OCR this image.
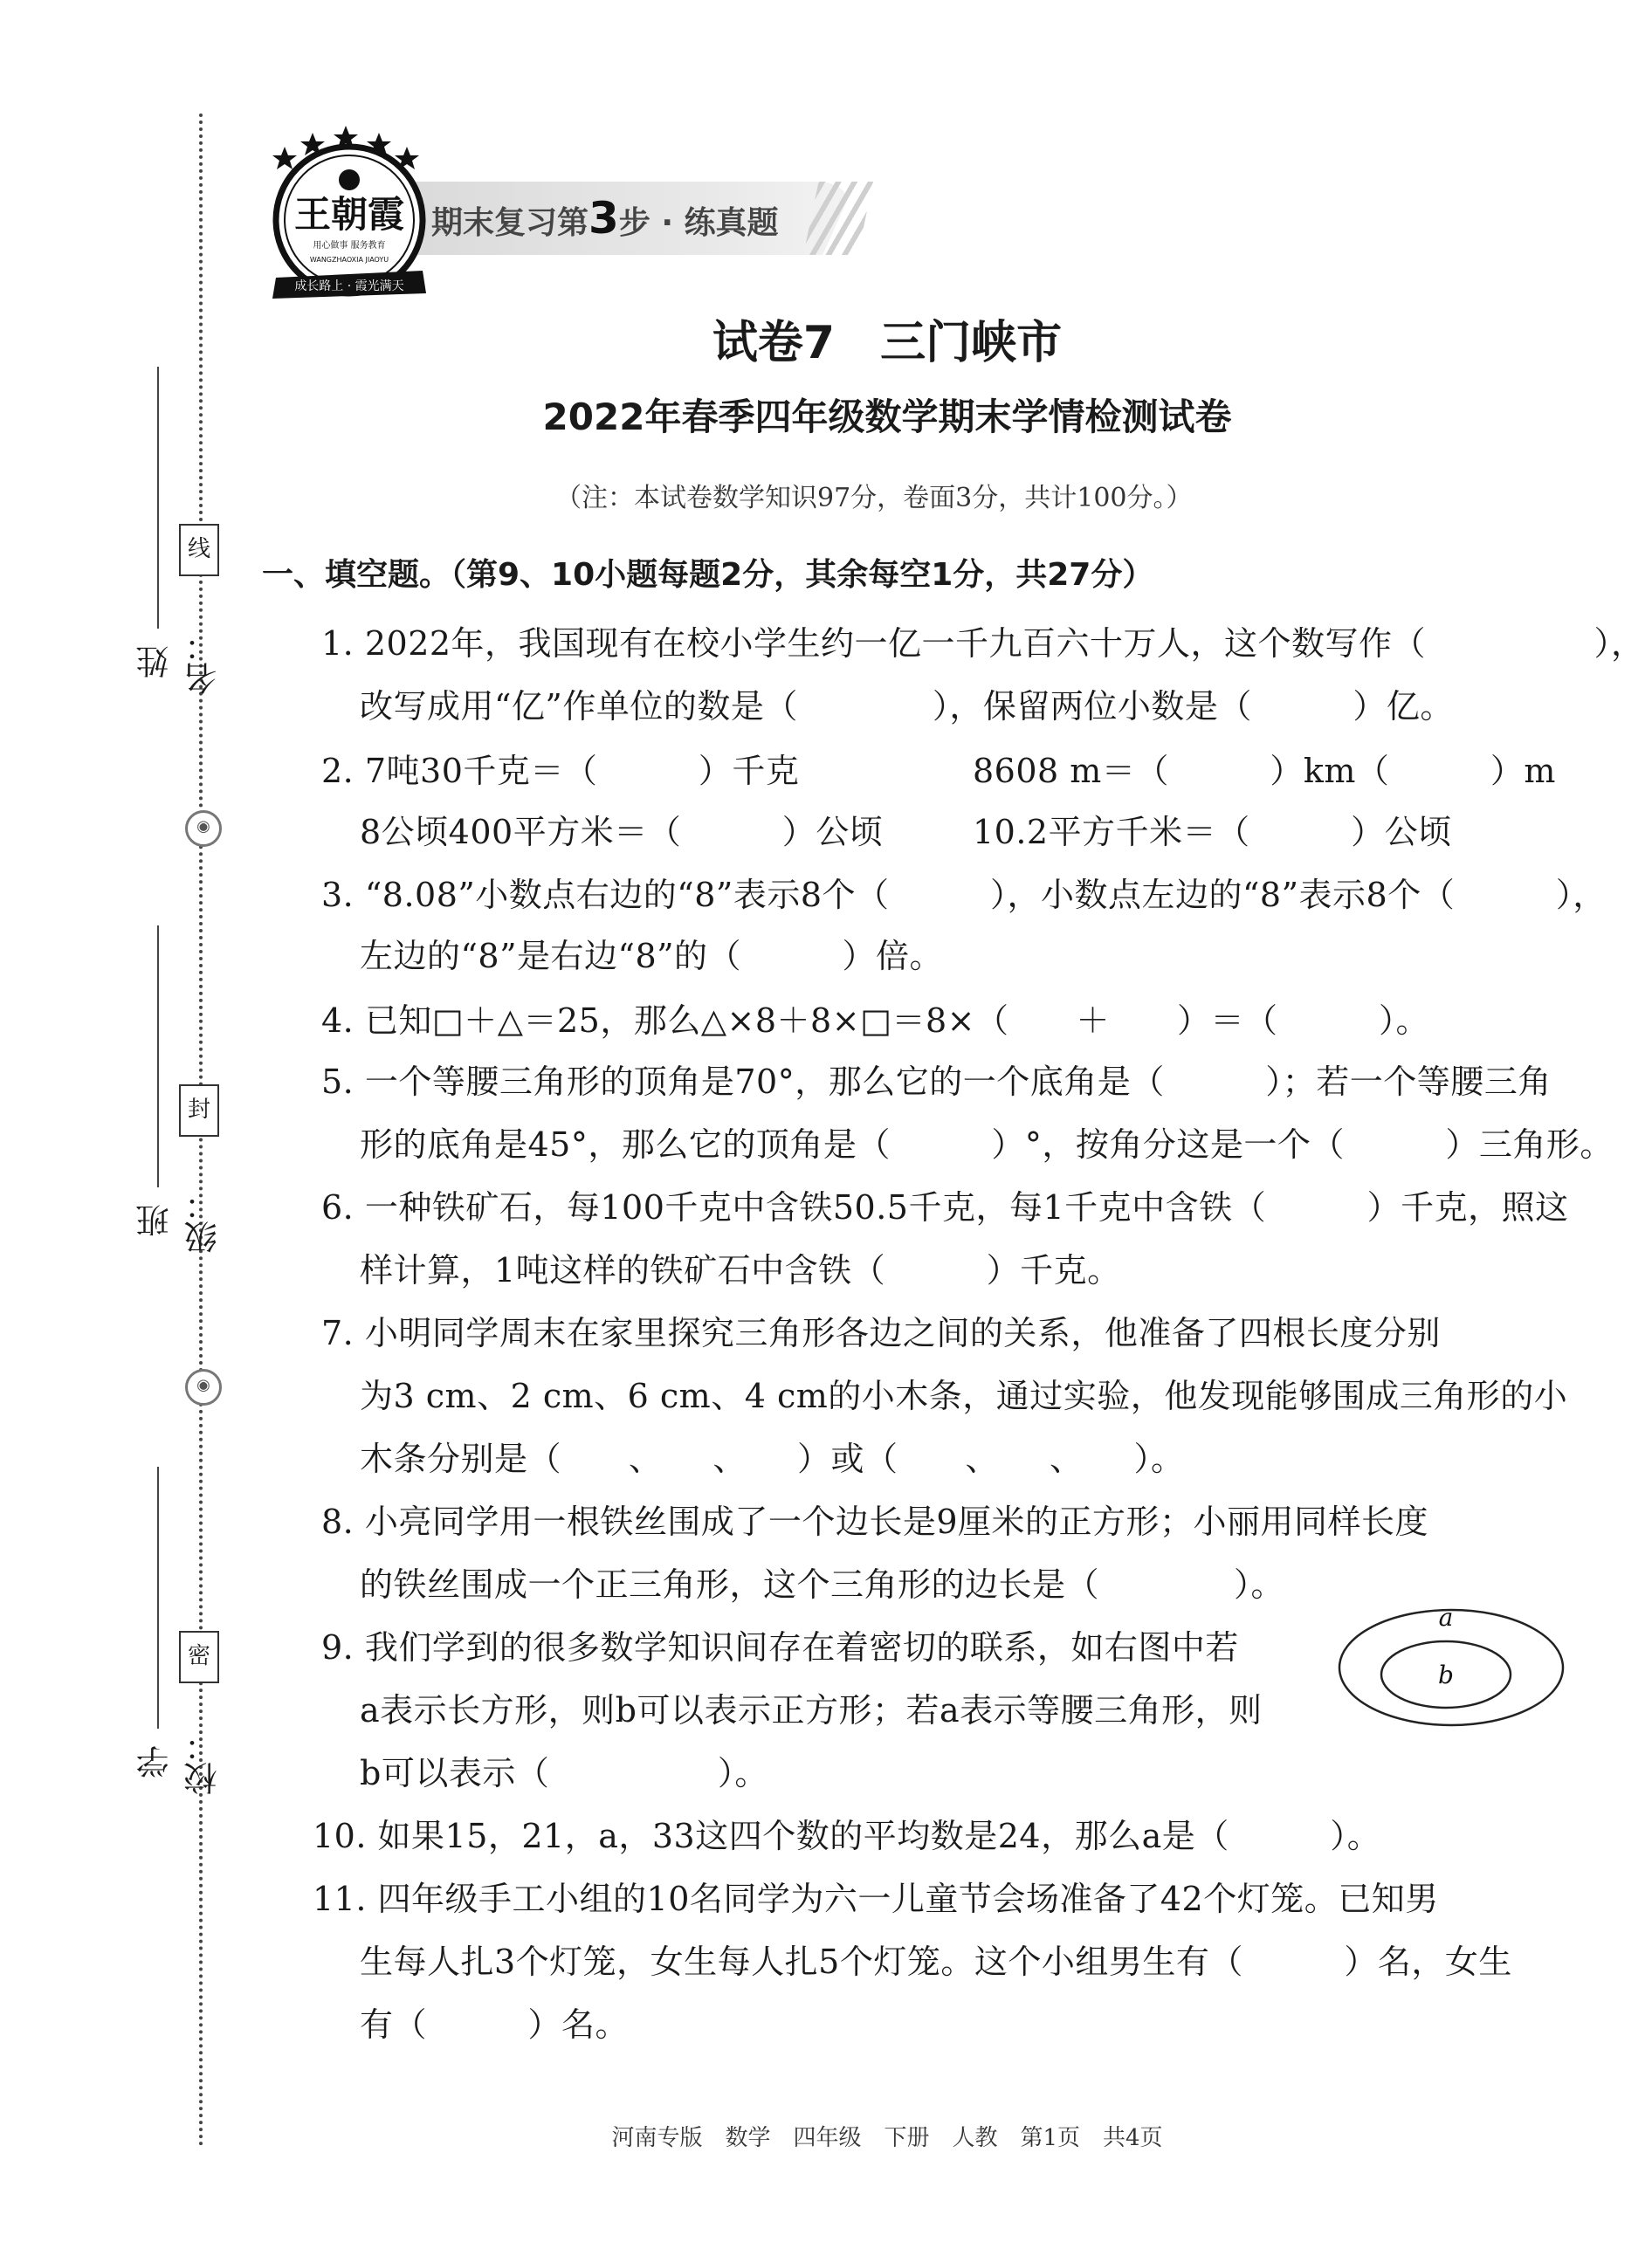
线
封
密
◉
◉
姓名：
班级：
学校：
期末复习第3步 · 练真题
王朝霞
用心做事 服务教育
WANGZHAOXIA JIAOYU
成长路上 · 霞光满天
试卷7　三门峡市
2022年春季四年级数学期末学情检测试卷
（注：本试卷数学知识97分，卷面3分，共计100分。）
一、填空题。（第9、10小题每题2分，其余每空1分，共27分）
1. 2022年，我国现有在校小学生约一亿一千九百六十万人，这个数写作（　　　　　），
改写成用“亿”作单位的数是（　　　　），保留两位小数是（　　　）亿。
2. 7吨30千克＝（　　　）千克	8608 m＝（　　　）km（　　　）m
8公顷400平方米＝（　　　）公顷	10.2平方千米＝（　　　）公顷
3. “8.08”小数点右边的“8”表示8个（　　　），小数点左边的“8”表示8个（　　　），
左边的“8”是右边“8”的（　　　）倍。
4. 已知□＋△＝25，那么△×8＋8×□＝8×（　　＋　　）＝（　　　）。
5. 一个等腰三角形的顶角是70°，那么它的一个底角是（　　　）；若一个等腰三角
形的底角是45°，那么它的顶角是（　　　）°，按角分这是一个（　　　）三角形。
6. 一种铁矿石，每100千克中含铁50.5千克，每1千克中含铁（　　　）千克，照这
样计算，1吨这样的铁矿石中含铁（　　　）千克。
7. 小明同学周末在家里探究三角形各边之间的关系，他准备了四根长度分别
为3 cm、2 cm、6 cm、4 cm的小木条，通过实验，他发现能够围成三角形的小
木条分别是（　　、　　、　　）或（　　、　　、　　）。
8. 小亮同学用一根铁丝围成了一个边长是9厘米的正方形；小丽用同样长度
的铁丝围成一个正三角形，这个三角形的边长是（　　　　）。
9. 我们学到的很多数学知识间存在着密切的联系，如右图中若
a表示长方形，则b可以表示正方形；若a表示等腰三角形，则
b可以表示（　　　　　）。
a
b
10. 如果15，21，a，33这四个数的平均数是24，那么a是（　　　）。
11. 四年级手工小组的10名同学为六一儿童节会场准备了42个灯笼。已知男
生每人扎3个灯笼，女生每人扎5个灯笼。这个小组男生有（　　　）名，女生
有（　　　）名。
河南专版　数学　四年级　下册　人教　第1页　共4页
